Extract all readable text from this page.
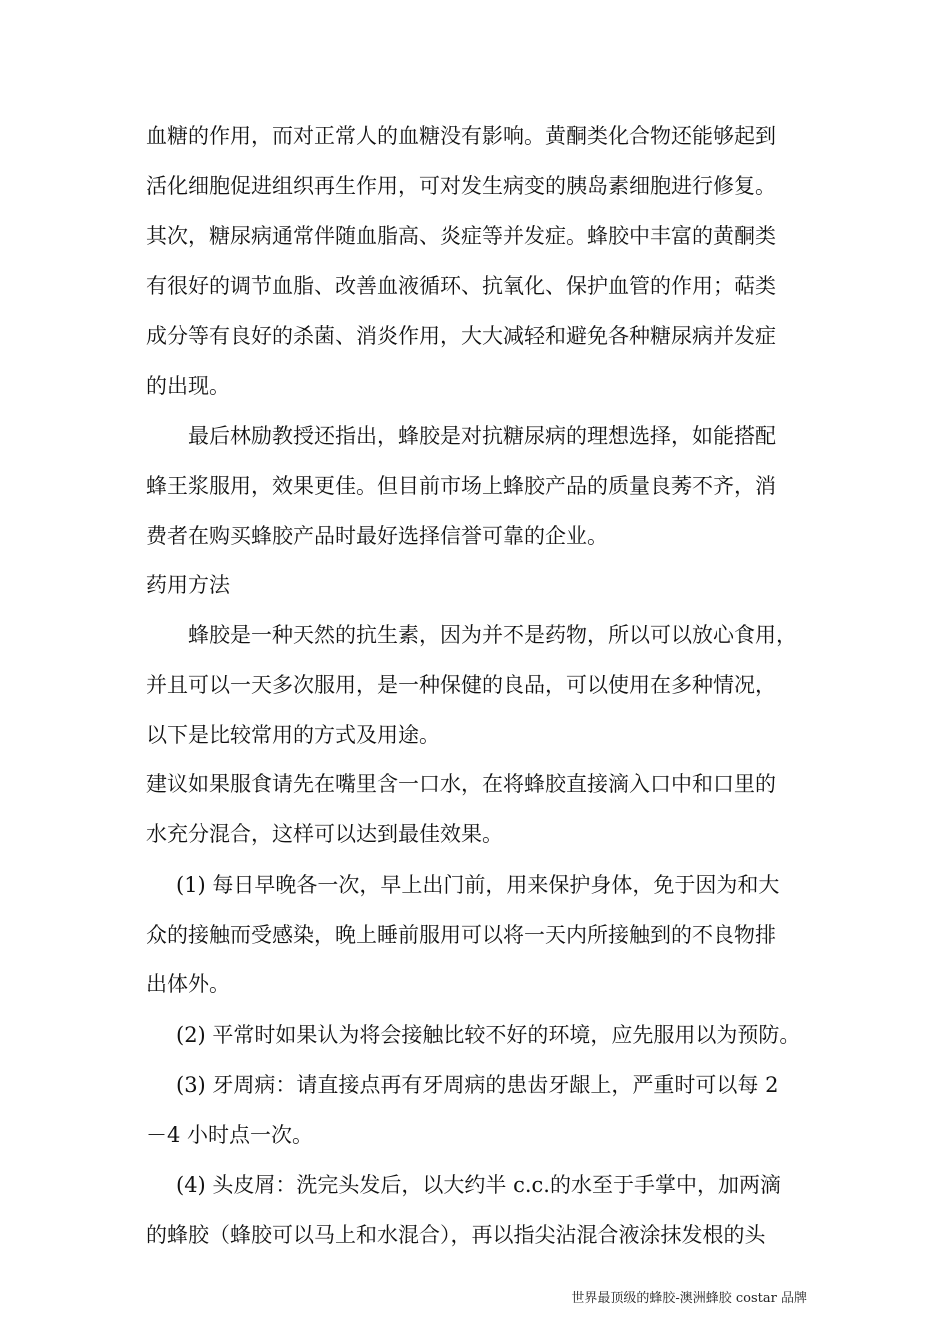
血糖的作用，而对正常人的血糖没有影响。黄酮类化合物还能够起到
活化细胞促进组织再生作用，可对发生病变的胰岛素细胞进行修复。
其次，糖尿病通常伴随血脂高、炎症等并发症。蜂胶中丰富的黄酮类
有很好的调节血脂、改善血液循环、抗氧化、保护血管的作用；萜类
成分等有良好的杀菌、消炎作用，大大减轻和避免各种糖尿病并发症
的出现。
最后林励教授还指出，蜂胶是对抗糖尿病的理想选择，如能搭配
蜂王浆服用，效果更佳。但目前市场上蜂胶产品的质量良莠不齐，消
费者在购买蜂胶产品时最好选择信誉可靠的企业。
药用方法
蜂胶是一种天然的抗生素，因为并不是药物，所以可以放心食用，
并且可以一天多次服用，是一种保健的良品，可以使用在多种情况，
以下是比较常用的方式及用途。
建议如果服食请先在嘴里含一口水，在将蜂胶直接滴入口中和口里的
水充分混合，这样可以达到最佳效果。
(1) 每日早晚各一次，早上出门前，用来保护身体，免于因为和大
众的接触而受感染，晚上睡前服用可以将一天内所接触到的不良物排
出体外。
(2) 平常时如果认为将会接触比较不好的环境，应先服用以为预防。
(3) 牙周病：请直接点再有牙周病的患齿牙龈上，严重时可以每 2
－4 小时点一次。
(4) 头皮屑：洗完头发后，以大约半 c.c.的水至于手掌中，加两滴
的蜂胶（蜂胶可以马上和水混合），再以指尖沾混合液涂抹发根的头
世界最顶级的蜂胶-澳洲蜂胶 costar 品牌
